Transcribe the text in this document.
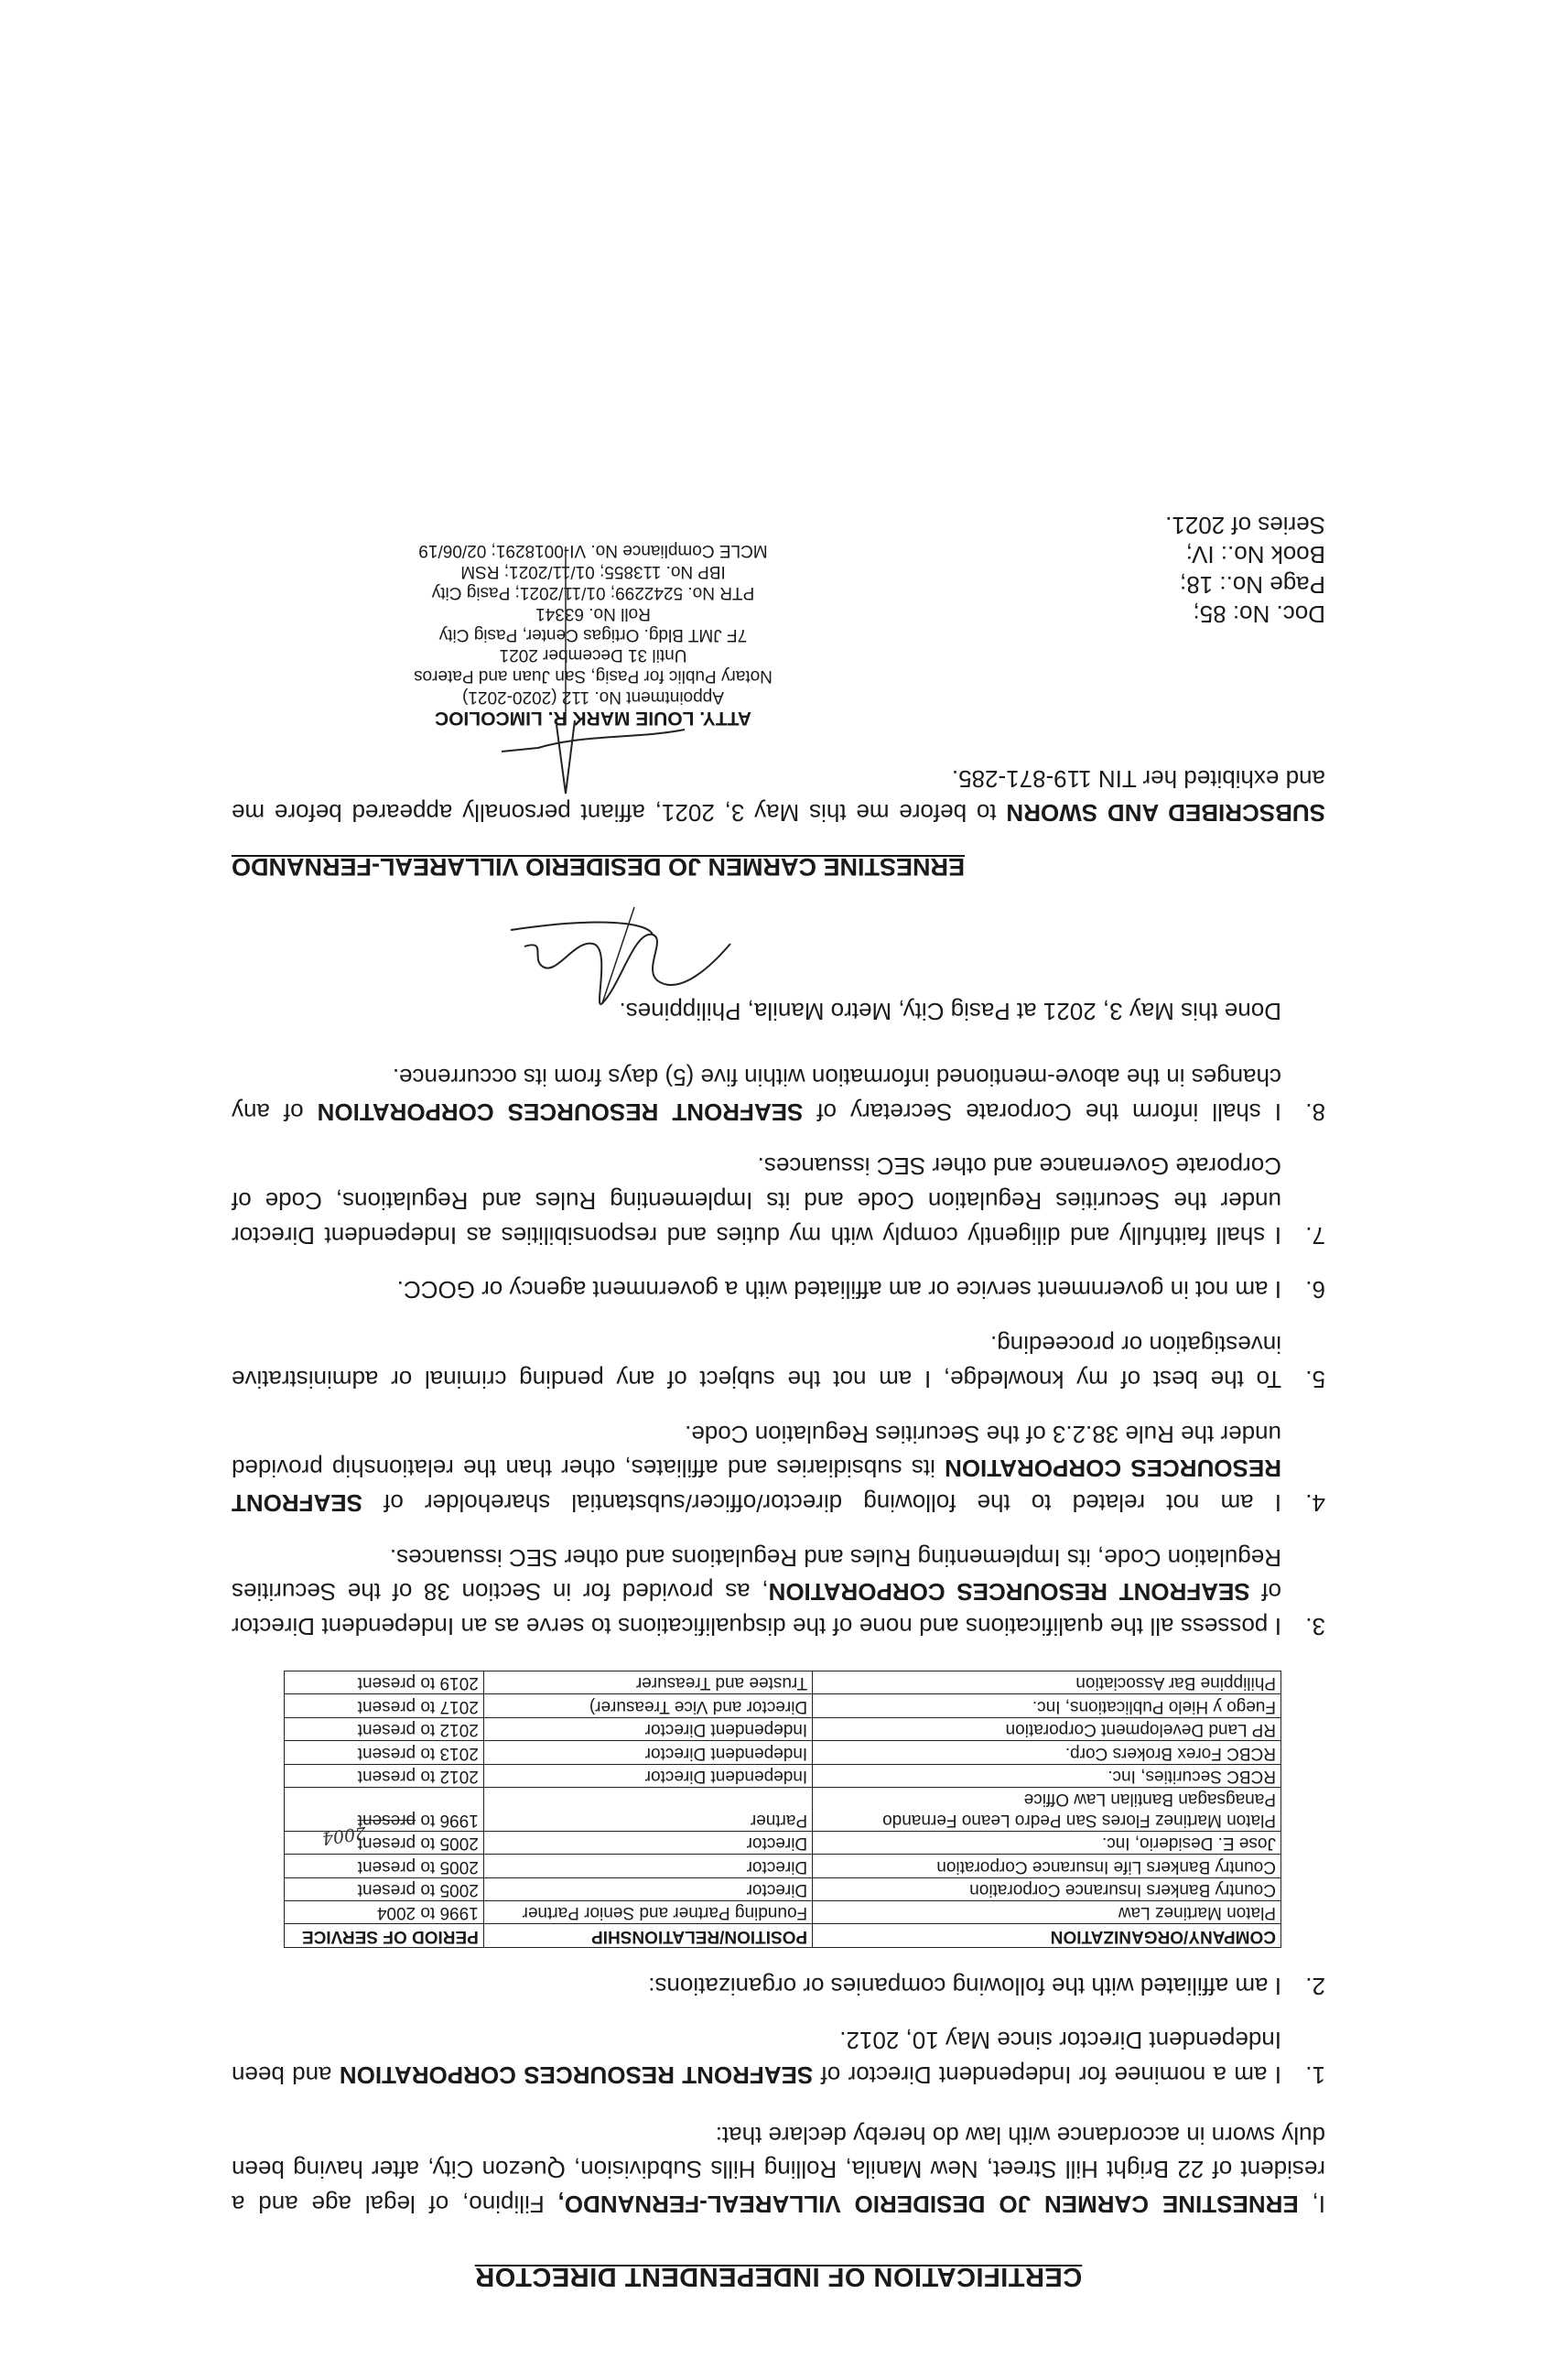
CERTIFICATION OF INDEPENDENT DIRECTOR

I, ERNESTINE CARMEN JO DESIDERIO VILLAREAL-FERNANDO, Filipino, of legal age and a resident of 22 Bright Hill Street, New Manila, Rolling Hills Subdivision, Quezon City, after having been duly sworn in accordance with law do hereby declare that:

1.
I am a nominee for Independent Director of SEAFRONT RESOURCES CORPORATION and been Independent Director since May 10, 2012.
2.
I am affiliated with the following companies or organizations:
COMPANY/ORGANIZATION	POSITION/RELATIONSHIP	PERIOD OF SERVICE
Platon Martinez Law	Founding Partner and Senior Partner	1996 to 2004
Country Bankers Insurance Corporation	Director	2005 to present
Country Bankers Life Insurance Corporation	Director	2005 to present
Jose E. Desiderio, Inc.	Director	2005 to present
Platon Martinez Flores San Pedro Leano Fernando Panagsagan Bantilan Law Office	Partner	1996 to present
2004

RCBC Securities, Inc.	Independent Director	2012 to present
RCBC Forex Brokers Corp.	Independent Director	2013 to present
RP Land Development Corporation	Independent Director	2012 to present
Fuego y Hielo Publications, Inc.	Director and Vice Treasurer)	2017 to present
Philippine Bar Association	Trustee and Treasurer	2019 to present
3.
I possess all the qualifications and none of the disqualifications to serve as an Independent Director of SEAFRONT RESOURCES CORPORATION, as provided for in Section 38 of the Securities Regulation Code, its Implementing Rules and Regulations and other SEC issuances.
4.
I am not related to the following director/officer/substantial shareholder of SEAFRONT RESOURCES CORPORATION its subsidiaries and affiliates, other than the relationship provided under the Rule 38.2.3 of the Securities Regulation Code.
5.
To the best of my knowledge, I am not the subject of any pending criminal or administrative investigation or proceeding.
6.
I am not in government service or am affiliated with a government agency or GOCC.
7.
I shall faithfully and diligently comply with my duties and responsibilities as Independent Director under the Securities Regulation Code and its Implementing Rules and Regulations, Code of Corporate Governance and other SEC issuances.
8.
I shall inform the Corporate Secretary of SEAFRONT RESOURCES CORPORATION of any changes in the above-mentioned information within five (5) days from its occurrence.

Done this May 3, 2021 at Pasig City, Metro Manila, Philippines.

ERNESTINE CARMEN JO DESIDERIO VILLAREAL-FERNANDO

SUBSCRIBED AND SWORN to before me this May 3, 2021, affiant personally appeared before me and exhibited her TIN 119-871-285.

Doc. No: 85;
Page No.: 18;
Book No.: IV;
Series of 2021.
ATTY. LOUIE MARK R. LIMCOLIOC
Appointment No. 112 (2020-2021)
Notary Public for Pasig, San Juan and Pateros
Until 31 December 2021
7F JMT Bldg. Ortigas Center, Pasig City
Roll No. 63341
PTR No. 5242299; 01/11/2021; Pasig City
IBP No. 113855; 01/11/2021; RSM
MCLE Compliance No. VI-0018291; 02/06/19
